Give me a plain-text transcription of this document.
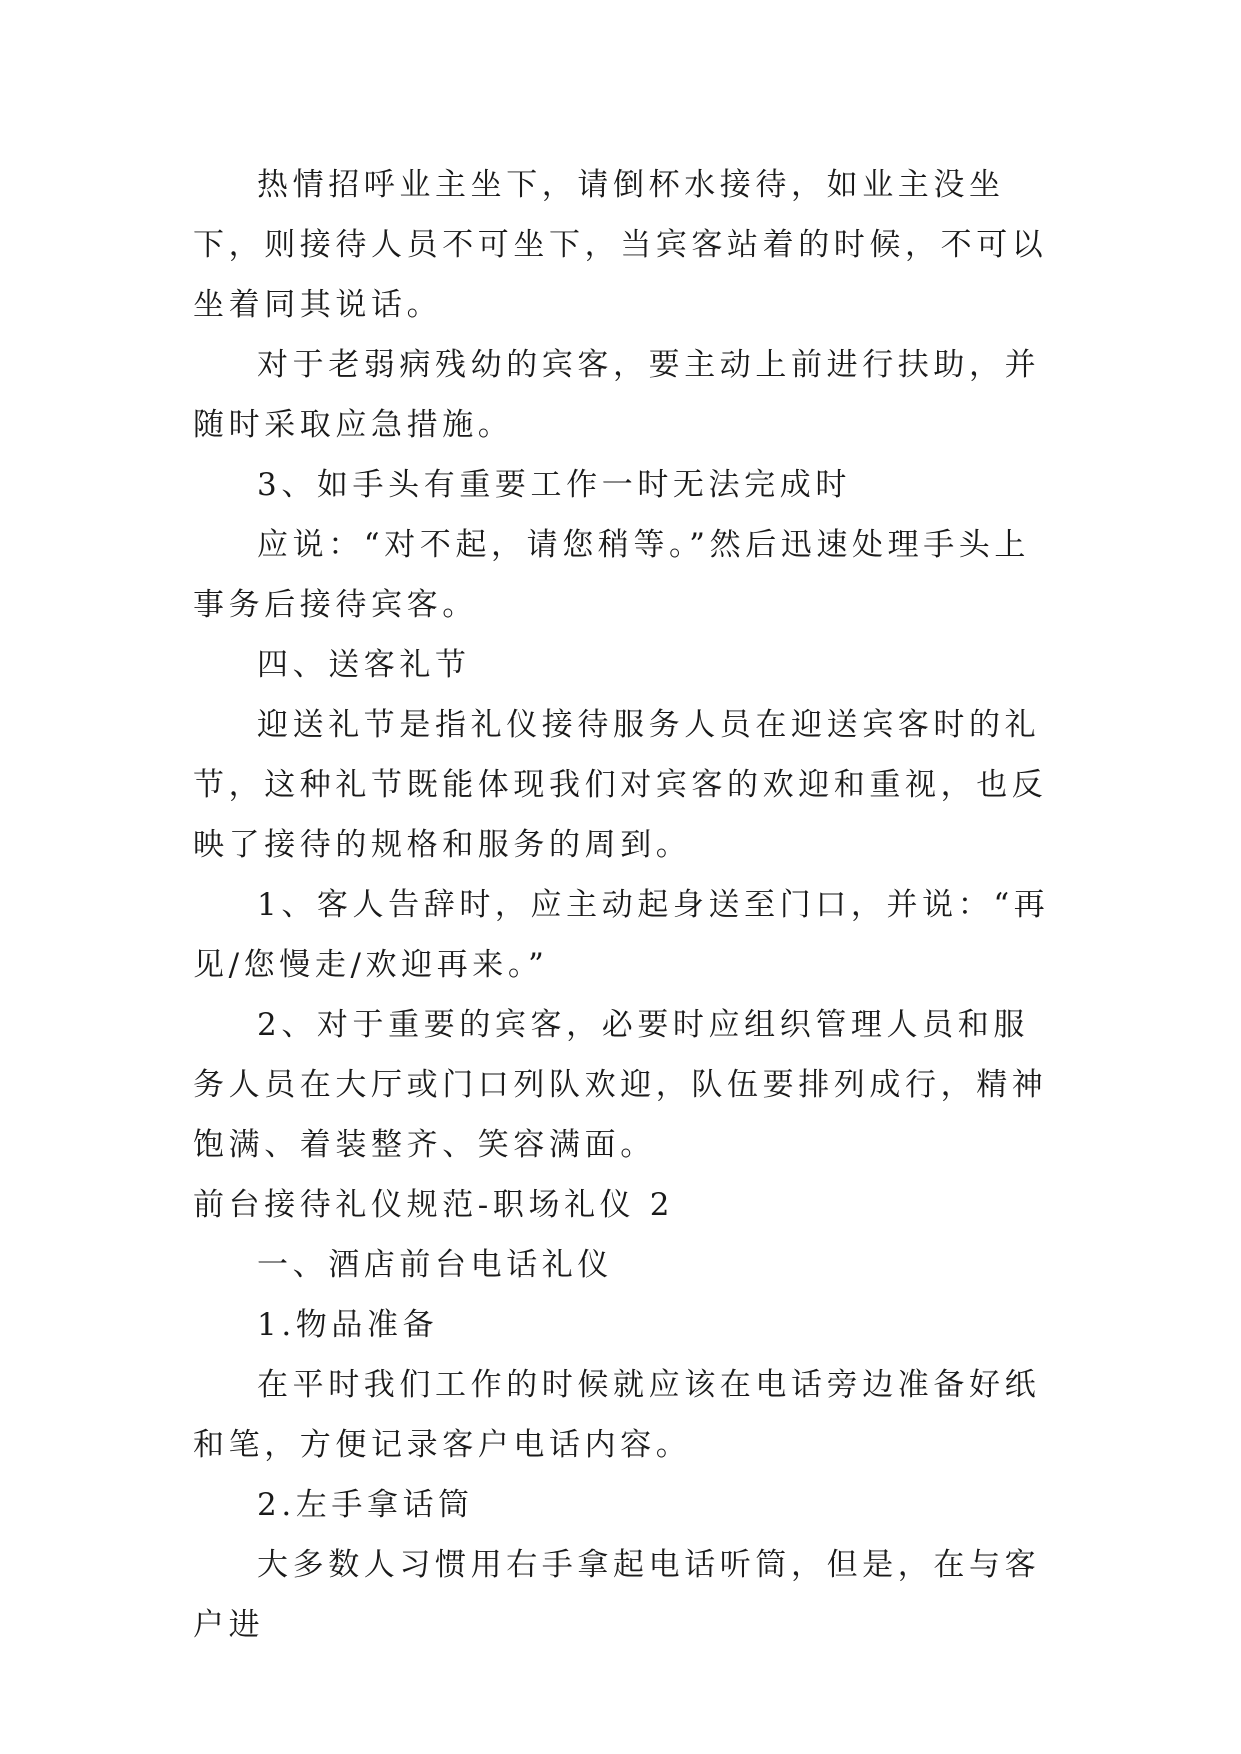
热情招呼业主坐下，请倒杯水接待，如业主没坐下，则接待人员不可坐下，当宾客站着的时候，不可以坐着同其说话。

对于老弱病残幼的宾客，要主动上前进行扶助，并随时采取应急措施。

3、如手头有重要工作一时无法完成时

应说：“对不起，请您稍等。”然后迅速处理手头上事务后接待宾客。

四、送客礼节

迎送礼节是指礼仪接待服务人员在迎送宾客时的礼节，这种礼节既能体现我们对宾客的欢迎和重视，也反映了接待的规格和服务的周到。

1、客人告辞时，应主动起身送至门口，并说：“再见/您慢走/欢迎再来。”

2、对于重要的宾客，必要时应组织管理人员和服务人员在大厅或门口列队欢迎，队伍要排列成行，精神饱满、着装整齐、笑容满面。

前台接待礼仪规范-职场礼仪 2

一、酒店前台电话礼仪

1.物品准备

在平时我们工作的时候就应该在电话旁边准备好纸和笔，方便记录客户电话内容。

2.左手拿话筒

大多数人习惯用右手拿起电话听筒，但是，在与客户进
